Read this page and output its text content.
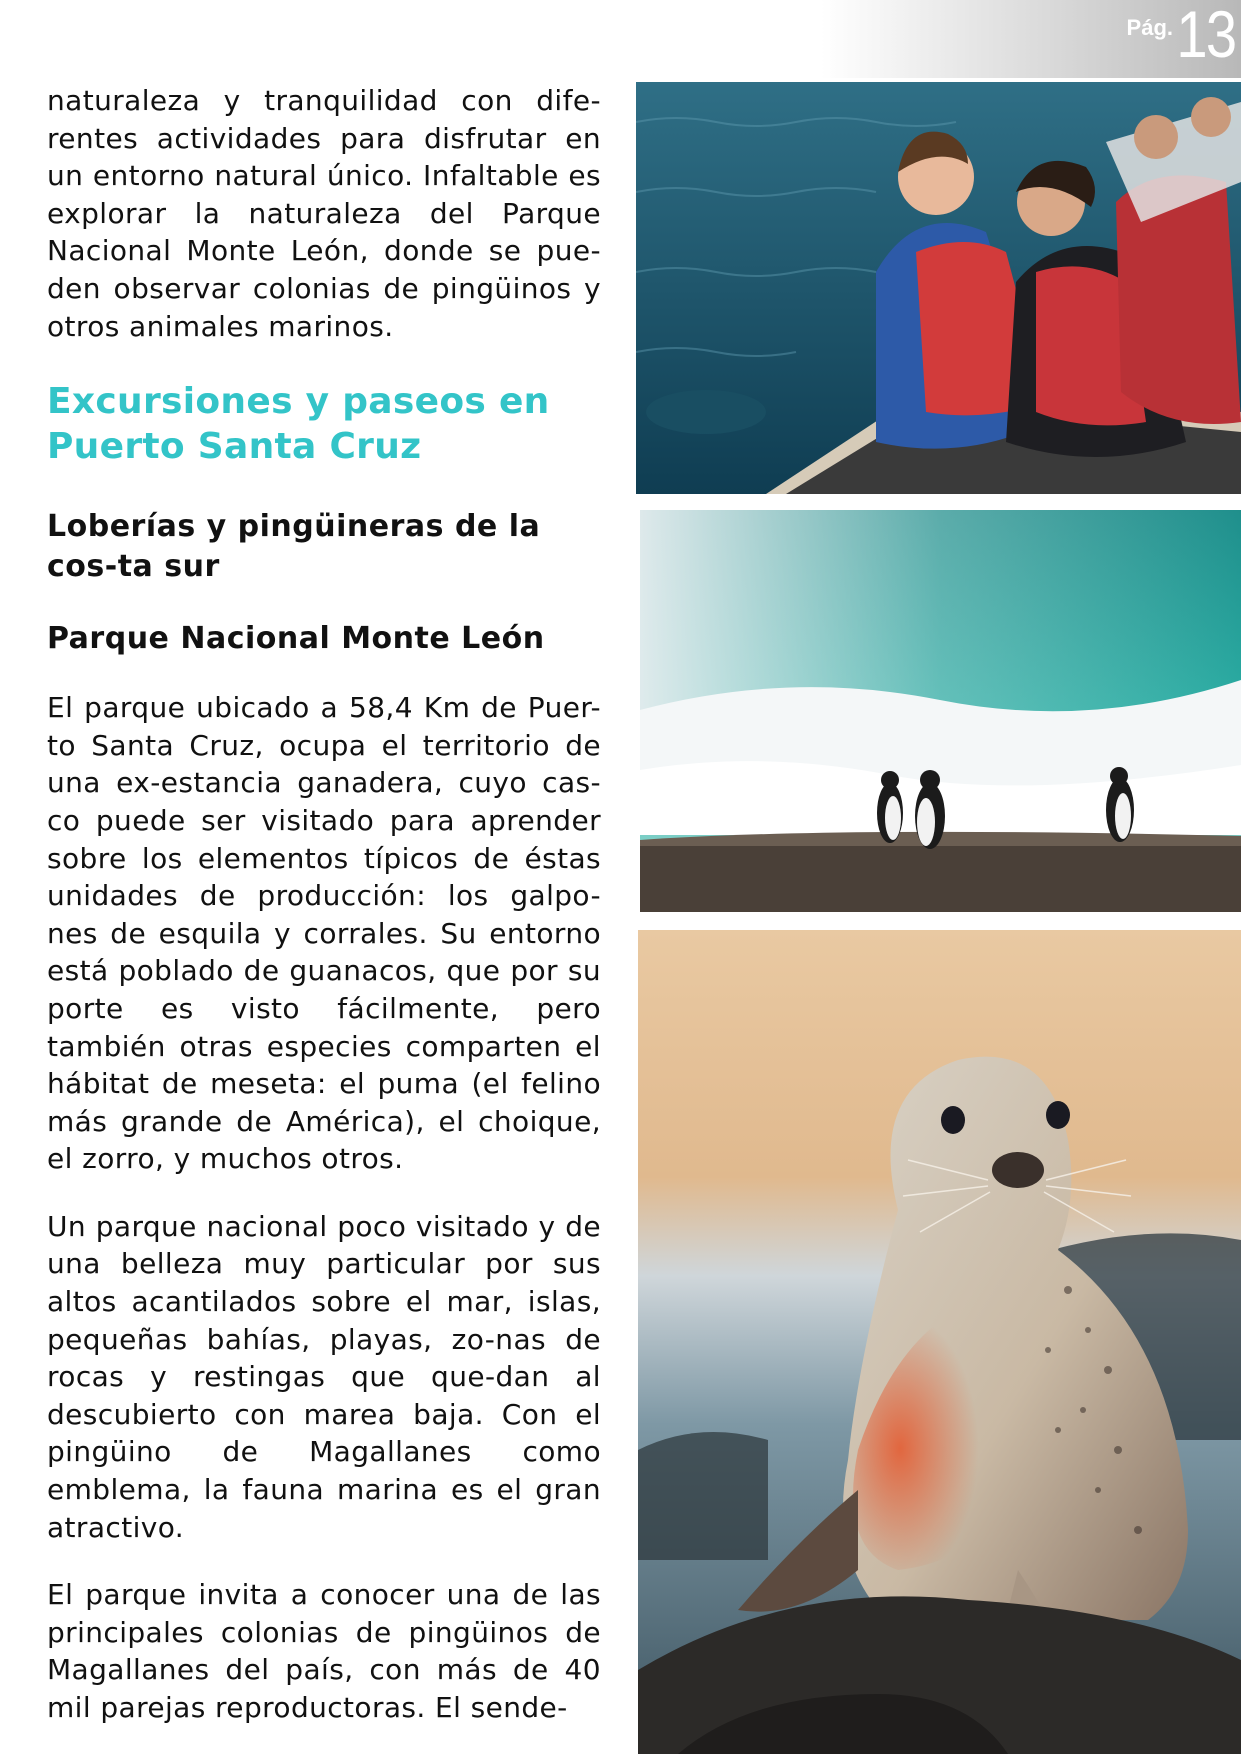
Pág. 13

naturaleza y tranquilidad con dife-rentes actividades para disfrutar en un entorno natural único. Infaltable es explorar la naturaleza del Parque Nacional Monte León, donde se pue-den observar colonias de pingüinos y otros animales marinos.

Excursiones y paseos en Puerto Santa Cruz
Loberías y pingüineras de la cos-ta sur
Parque Nacional Monte León

El parque ubicado a 58,4 Km de Puer-to Santa Cruz, ocupa el territorio de una ex-estancia ganadera, cuyo cas-co puede ser visitado para aprender sobre los elementos típicos de éstas unidades de producción: los galpo-nes de esquila y corrales. Su entorno está poblado de guanacos, que por su porte es visto fácilmente, pero también otras especies comparten el hábitat de meseta: el puma (el felino más grande de América), el choique, el zorro, y muchos otros.

Un parque nacional poco visitado y de una belleza muy particular por sus altos acantilados sobre el mar, islas, pequeñas bahías, playas, zo-nas de rocas y restingas que que-dan al descubierto con marea baja. Con el pingüino de Magallanes como emblema, la fauna marina es el gran atractivo.

El parque invita a conocer una de las principales colonias de pingüinos de Magallanes del país, con más de 40 mil parejas reproductoras. El sende-
